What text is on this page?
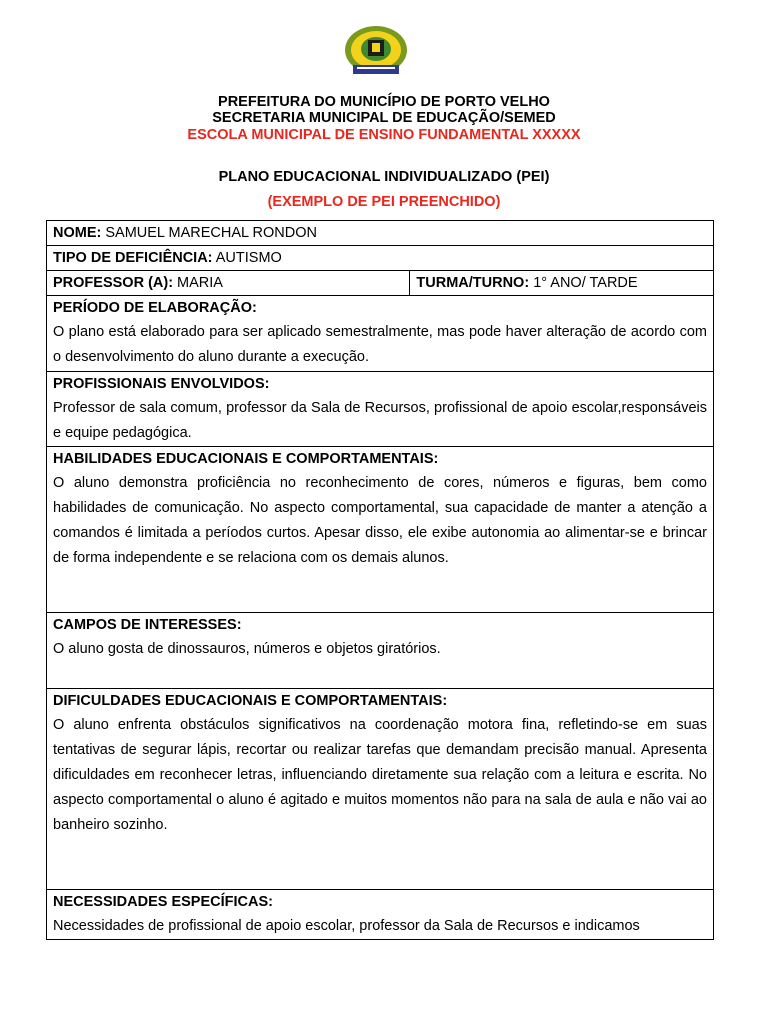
PREFEITURA DO MUNICÍPIO DE PORTO VELHO
SECRETARIA MUNICIPAL DE EDUCAÇÃO/SEMED
ESCOLA MUNICIPAL DE ENSINO FUNDAMENTAL XXXXX
PLANO EDUCACIONAL INDIVIDUALIZADO (PEI)
(EXEMPLO DE PEI PREENCHIDO)
NOME: SAMUEL MARECHAL RONDON
TIPO DE DEFICIÊNCIA: AUTISMO
PROFESSOR (A): MARIA	TURMA/TURNO: 1° ANO/ TARDE

PERÍODO DE ELABORAÇÃO:
O plano está elaborado para ser aplicado semestralmente, mas pode haver alteração de acordo com o desenvolvimento do aluno durante a execução.

PROFISSIONAIS ENVOLVIDOS:
Professor de sala comum, professor da Sala de Recursos, profissional de apoio escolar,responsáveis e equipe pedagógica.

HABILIDADES EDUCACIONAIS E COMPORTAMENTAIS:
O aluno demonstra proficiência no reconhecimento de cores, números e figuras, bem como habilidades de comunicação. No aspecto comportamental, sua capacidade de manter a atenção a comandos é limitada a períodos curtos. Apesar disso, ele exibe autonomia ao alimentar-se e brincar de forma independente e se relaciona com os demais alunos.

CAMPOS DE INTERESSES:
O aluno gosta de dinossauros, números e objetos giratórios.

DIFICULDADES EDUCACIONAIS E COMPORTAMENTAIS:
O aluno enfrenta obstáculos significativos na coordenação motora fina, refletindo-se em suas tentativas de segurar lápis, recortar ou realizar tarefas que demandam precisão manual. Apresenta dificuldades em reconhecer letras, influenciando diretamente sua relação com a leitura e escrita. No aspecto comportamental o aluno é agitado e muitos momentos não para na sala de aula e não vai ao banheiro sozinho.

NECESSIDADES ESPECÍFICAS:
Necessidades de profissional de apoio escolar, professor da Sala de Recursos e indicamos
